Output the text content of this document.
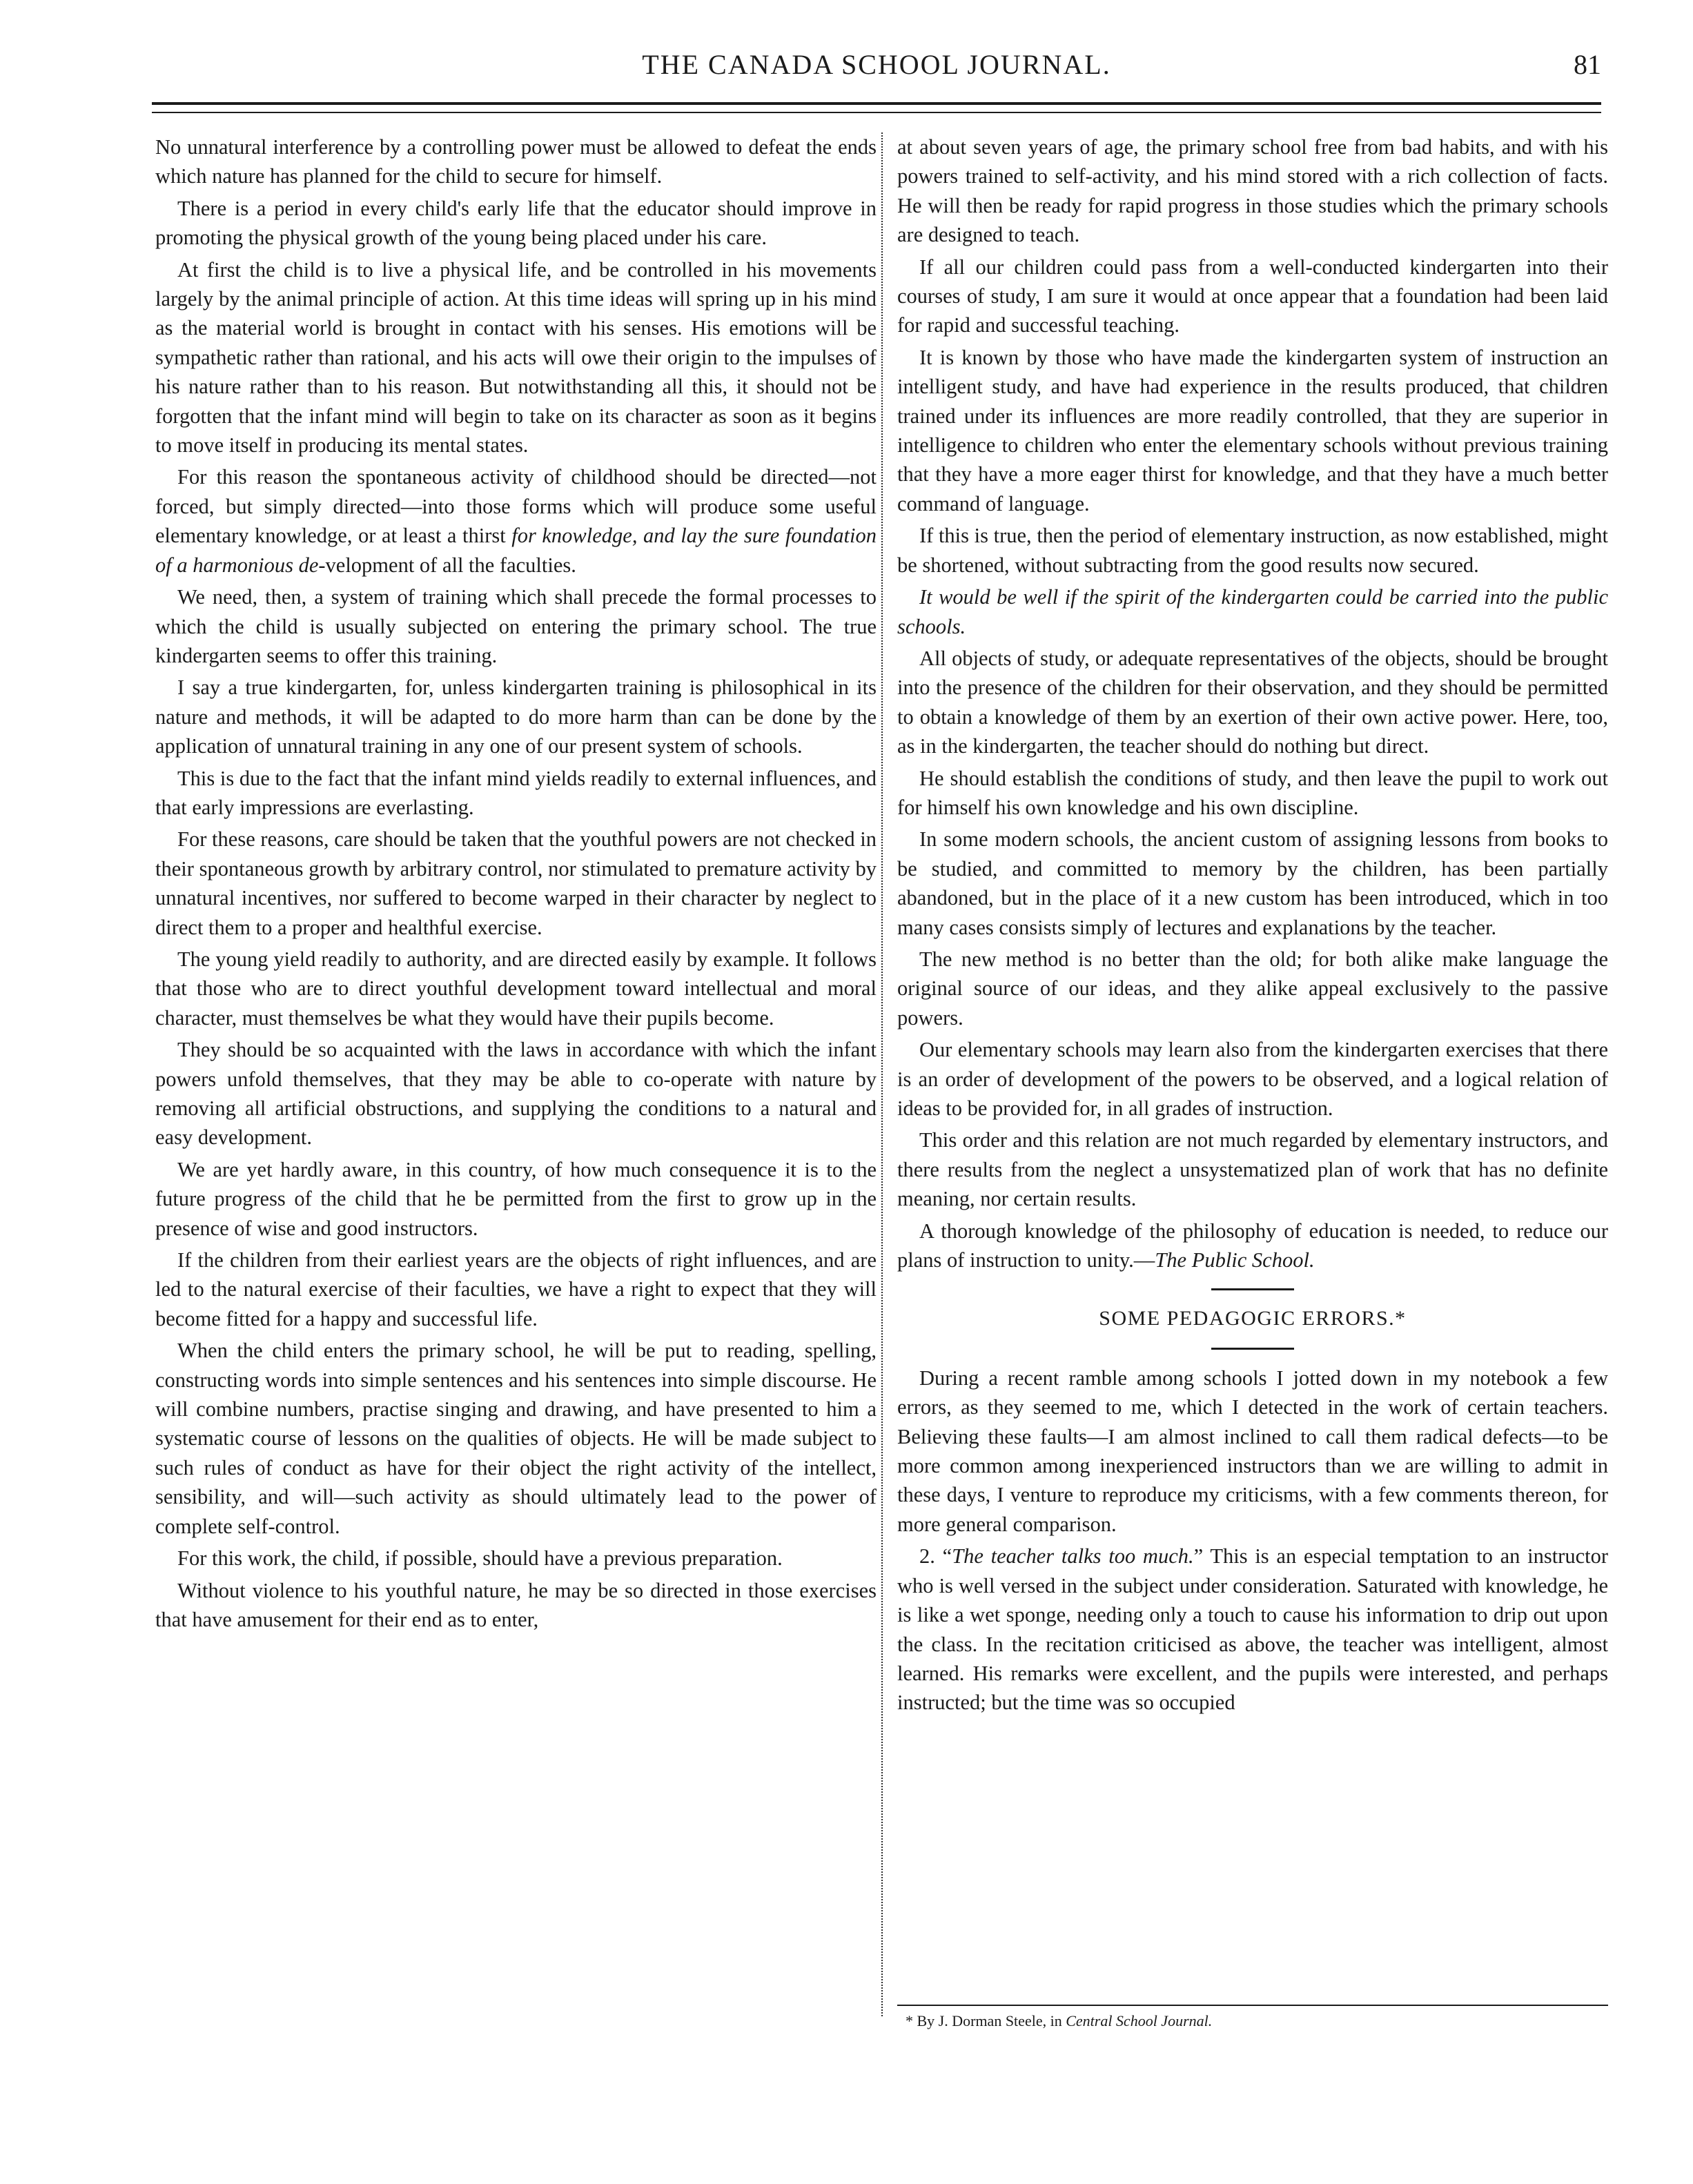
THE CANADA SCHOOL JOURNAL.	81

No unnatural interference by a controlling power must be allowed to defeat the ends which nature has planned for the child to secure for himself.

There is a period in every child's early life that the educator should improve in promoting the physical growth of the young being placed under his care.

At first the child is to live a physical life, and be controlled in his movements largely by the animal principle of action. At this time ideas will spring up in his mind as the material world is brought in contact with his senses. His emotions will be sympathetic rather than rational, and his acts will owe their origin to the impulses of his nature rather than to his reason. But notwithstanding all this, it should not be forgotten that the infant mind will begin to take on its character as soon as it begins to move itself in producing its mental states.

For this reason the spontaneous activity of childhood should be directed—not forced, but simply directed—into those forms which will produce some useful elementary knowledge, or at least a thirst for knowledge, and lay the sure foundation of a harmonious de-velopment of all the faculties.

We need, then, a system of training which shall precede the formal processes to which the child is usually subjected on entering the primary school. The true kindergarten seems to offer this training.

I say a true kindergarten, for, unless kindergarten training is philosophical in its nature and methods, it will be adapted to do more harm than can be done by the application of unnatural training in any one of our present system of schools.

This is due to the fact that the infant mind yields readily to external influences, and that early impressions are everlasting.

For these reasons, care should be taken that the youthful powers are not checked in their spontaneous growth by arbitrary control, nor stimulated to premature activity by unnatural incentives, nor suffered to become warped in their character by neglect to direct them to a proper and healthful exercise.

The young yield readily to authority, and are directed easily by example. It follows that those who are to direct youthful development toward intellectual and moral character, must themselves be what they would have their pupils become.

They should be so acquainted with the laws in accordance with which the infant powers unfold themselves, that they may be able to co-operate with nature by removing all artificial obstructions, and supplying the conditions to a natural and easy development.

We are yet hardly aware, in this country, of how much consequence it is to the future progress of the child that he be permitted from the first to grow up in the presence of wise and good instructors.

If the children from their earliest years are the objects of right influences, and are led to the natural exercise of their faculties, we have a right to expect that they will become fitted for a happy and successful life.

When the child enters the primary school, he will be put to reading, spelling, constructing words into simple sentences and his sentences into simple discourse. He will combine numbers, practise singing and drawing, and have presented to him a systematic course of lessons on the qualities of objects. He will be made subject to such rules of conduct as have for their object the right activity of the intellect, sensibility, and will—such activity as should ultimately lead to the power of complete self-control.

For this work, the child, if possible, should have a previous preparation.

Without violence to his youthful nature, he may be so directed in those exercises that have amusement for their end as to enter,

at about seven years of age, the primary school free from bad habits, and with his powers trained to self-activity, and his mind stored with a rich collection of facts. He will then be ready for rapid progress in those studies which the primary schools are designed to teach.

If all our children could pass from a well-conducted kindergarten into their courses of study, I am sure it would at once appear that a foundation had been laid for rapid and successful teaching.

It is known by those who have made the kindergarten system of instruction an intelligent study, and have had experience in the results produced, that children trained under its influences are more readily controlled, that they are superior in intelligence to children who enter the elementary schools without previous training that they have a more eager thirst for knowledge, and that they have a much better command of language.

If this is true, then the period of elementary instruction, as now established, might be shortened, without subtracting from the good results now secured.

It would be well if the spirit of the kindergarten could be carried into the public schools.

All objects of study, or adequate representatives of the objects, should be brought into the presence of the children for their observation, and they should be permitted to obtain a knowledge of them by an exertion of their own active power. Here, too, as in the kindergarten, the teacher should do nothing but direct.

He should establish the conditions of study, and then leave the pupil to work out for himself his own knowledge and his own discipline.

In some modern schools, the ancient custom of assigning lessons from books to be studied, and committed to memory by the children, has been partially abandoned, but in the place of it a new custom has been introduced, which in too many cases consists simply of lectures and explanations by the teacher.

The new method is no better than the old; for both alike make language the original source of our ideas, and they alike appeal exclusively to the passive powers.

Our elementary schools may learn also from the kindergarten exercises that there is an order of development of the powers to be observed, and a logical relation of ideas to be provided for, in all grades of instruction.

This order and this relation are not much regarded by elementary instructors, and there results from the neglect a unsystematized plan of work that has no definite meaning, nor certain results.

A thorough knowledge of the philosophy of education is needed, to reduce our plans of instruction to unity.—The Public School.

SOME PEDAGOGIC ERRORS.*

During a recent ramble among schools I jotted down in my notebook a few errors, as they seemed to me, which I detected in the work of certain teachers. Believing these faults—I am almost inclined to call them radical defects—to be more common among inexperienced instructors than we are willing to admit in these days, I venture to reproduce my criticisms, with a few comments thereon, for more general comparison.

2. “The teacher talks too much.” This is an especial temptation to an instructor who is well versed in the subject under consideration. Saturated with knowledge, he is like a wet sponge, needing only a touch to cause his information to drip out upon the class. In the recitation criticised as above, the teacher was intelligent, almost learned. His remarks were excellent, and the pupils were interested, and perhaps instructed; but the time was so occupied

* By J. Dorman Steele, in Central School Journal.
